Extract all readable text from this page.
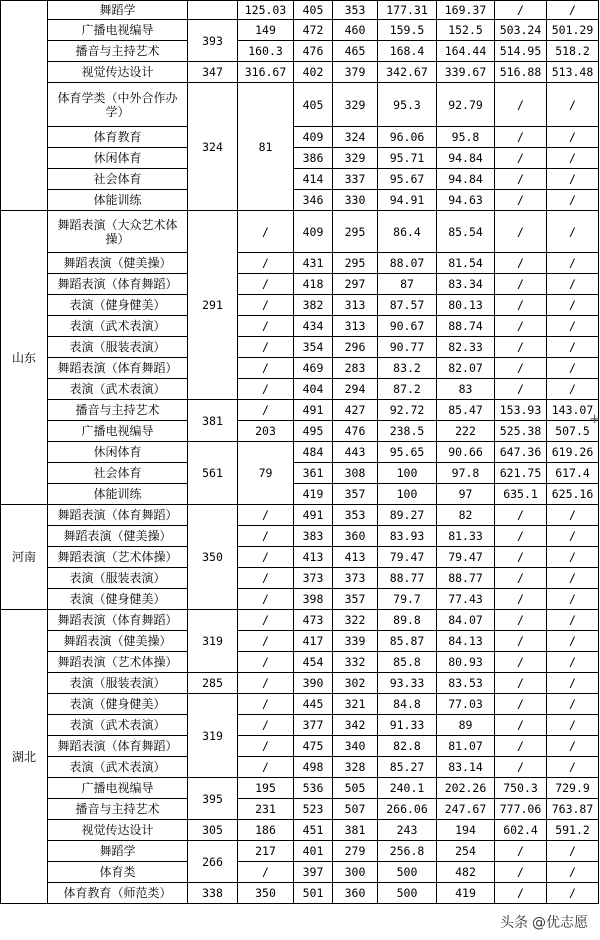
	舞蹈学		125.03	405	353	177.31	169.37	/	/
	广播电视编导	393	149	472	460	159.5	152.5	503.24	501.29
	播音与主持艺术		160.3	476	465	168.4	164.44	514.95	518.2
	视觉传达设计	347	316.67	402	379	342.67	339.67	516.88	513.48
	体育学类（中外合作办学）	324	81	405	329	95.3	92.79	/	/
	体育教育			409	324	96.06	95.8	/	/
	休闲体育			386	329	95.71	94.84	/	/
	社会体育			414	337	95.67	94.84	/	/
	体能训练			346	330	94.91	94.63	/	/
山东	舞蹈表演（大众艺术体操）	291	/	409	295	86.4	85.54	/	/
	舞蹈表演（健美操）		/	431	295	88.07	81.54	/	/
	舞蹈表演（体育舞蹈）		/	418	297	87	83.34	/	/
	表演（健身健美）		/	382	313	87.57	80.13	/	/
	表演（武术表演）		/	434	313	90.67	88.74	/	/
	表演（服装表演）		/	354	296	90.77	82.33	/	/
	舞蹈表演（体育舞蹈）		/	469	283	83.2	82.07	/	/
	表演（武术表演）		/	404	294	87.2	83	/	/
	播音与主持艺术	381	/	491	427	92.72	85.47	153.93	143.07
	广播电视编导		203	495	476	238.5	222	525.38	507.5
	休闲体育	561	79	484	443	95.65	90.66	647.36	619.26
	社会体育			361	308	100	97.8	621.75	617.4
	体能训练			419	357	100	97	635.1	625.16
河南	舞蹈表演（体育舞蹈）	350	/	491	353	89.27	82	/	/
	舞蹈表演（健美操）		/	383	360	83.93	81.33	/	/
	舞蹈表演（艺术体操）		/	413	413	79.47	79.47	/	/
	表演（服装表演）		/	373	373	88.77	88.77	/	/
	表演（健身健美）		/	398	357	79.7	77.43	/	/
湖北	舞蹈表演（体育舞蹈）	319	/	473	322	89.8	84.07	/	/
	舞蹈表演（健美操）		/	417	339	85.87	84.13	/	/
	舞蹈表演（艺术体操）		/	454	332	85.8	80.93	/	/
	表演（服装表演）	285	/	390	302	93.33	83.53	/	/
	表演（健身健美）	319	/	445	321	84.8	77.03	/	/
	表演（武术表演）		/	377	342	91.33	89	/	/
	舞蹈表演（体育舞蹈）		/	475	340	82.8	81.07	/	/
	表演（武术表演）		/	498	328	85.27	83.14	/	/
	广播电视编导	395	195	536	505	240.1	202.26	750.3	729.9
	播音与主持艺术		231	523	507	266.06	247.67	777.06	763.87
	视觉传达设计	305	186	451	381	243	194	602.4	591.2
	舞蹈学	266	217	401	279	256.8	254	/	/
	体育类		/	397	300	500	482	/	/
	体育教育（师范类）	338	350	501	360	500	419	/	/
+
头条 @优志愿
